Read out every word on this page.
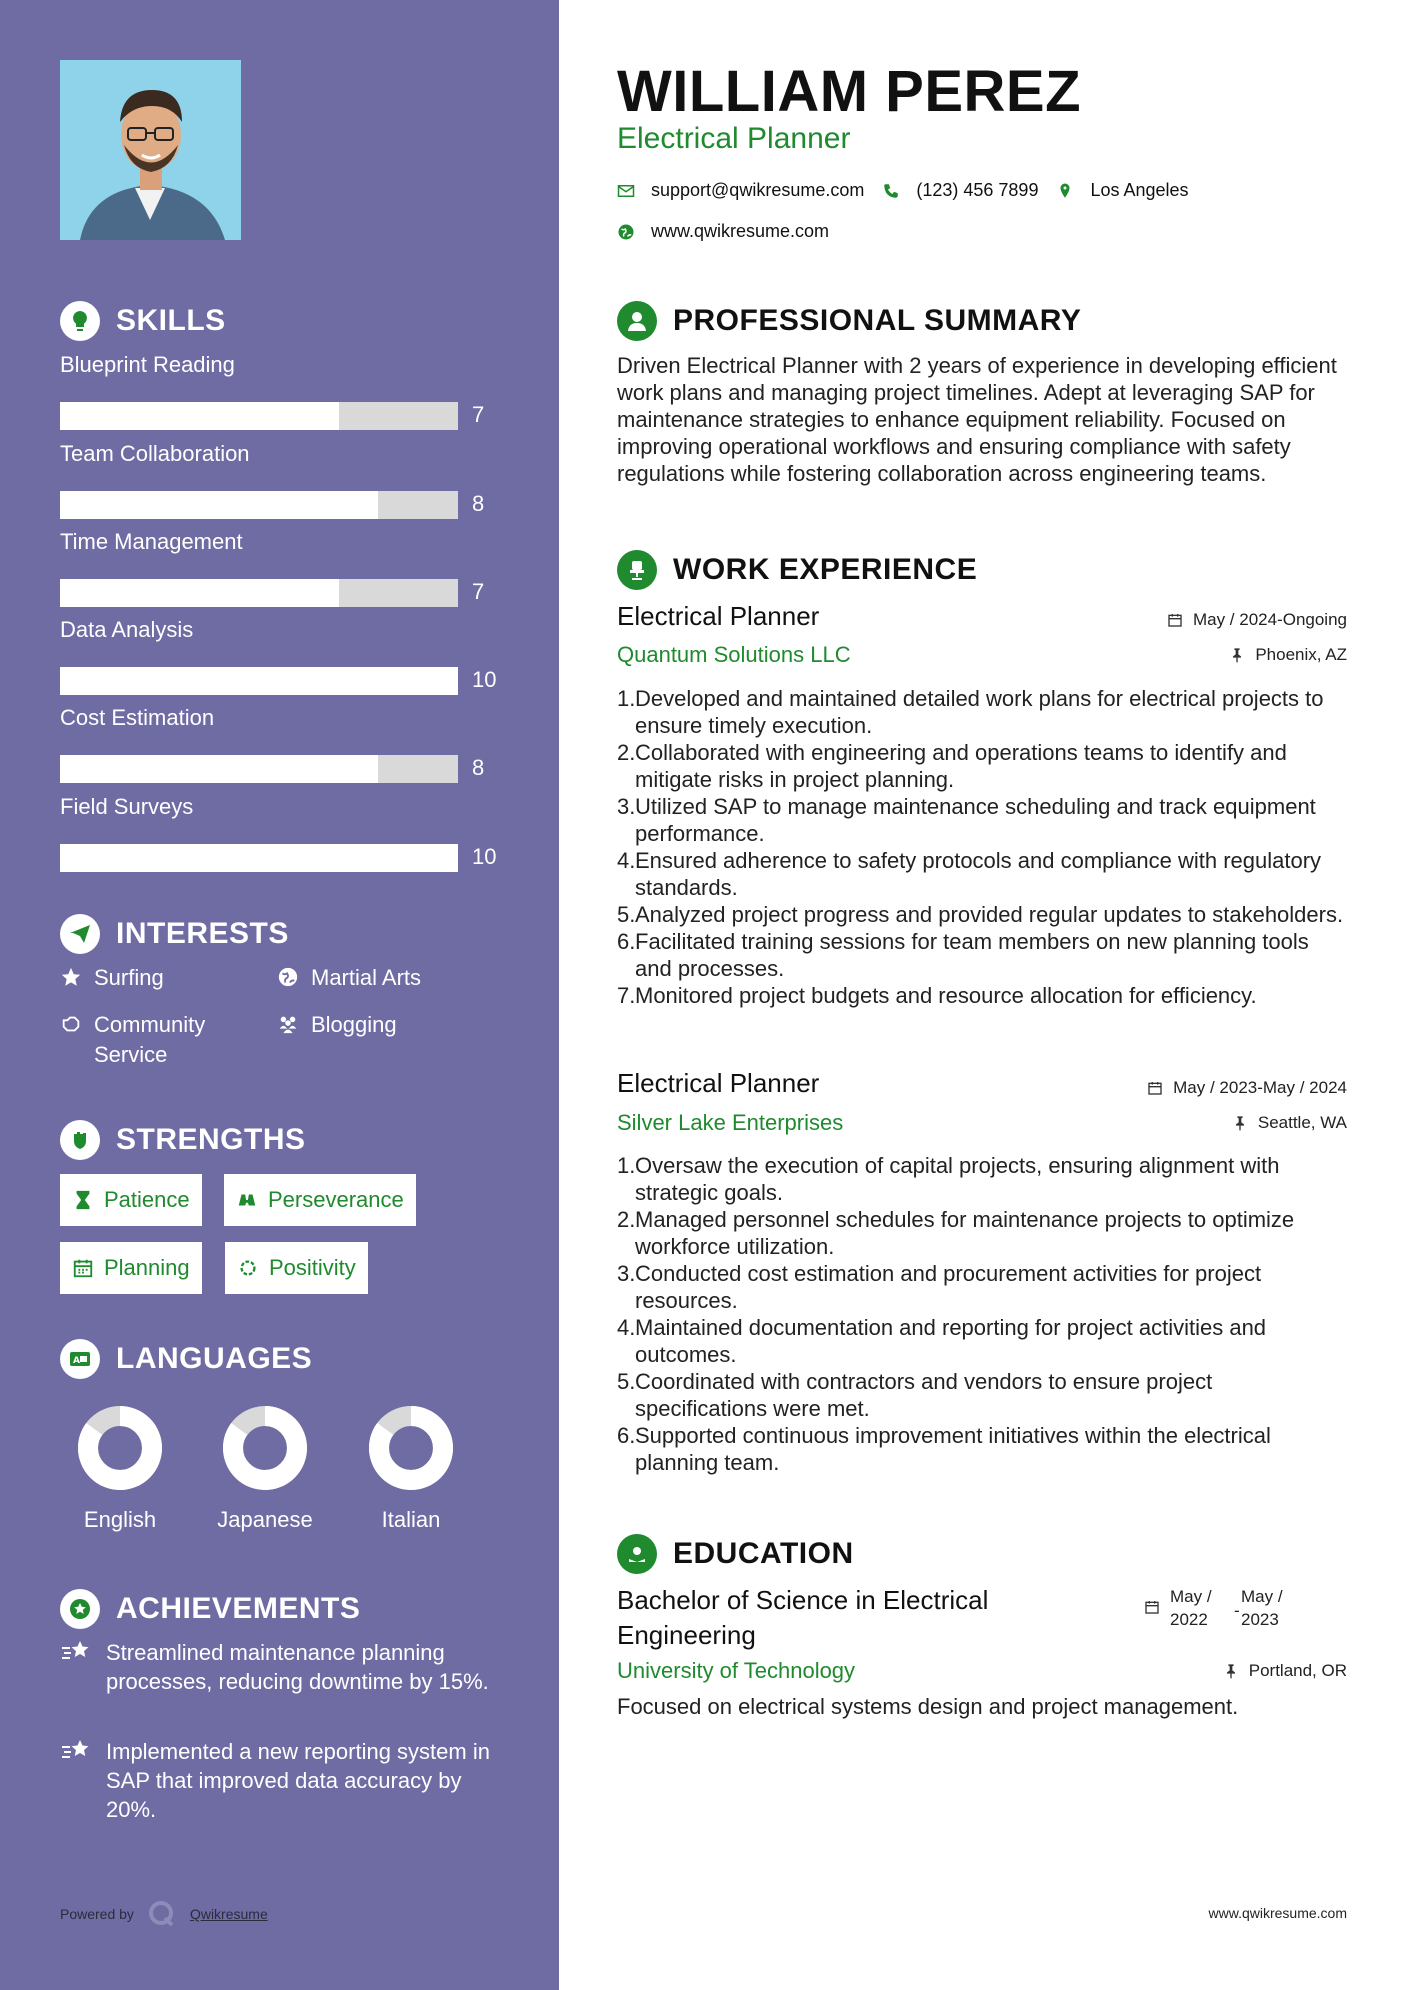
SKILLS
Blueprint Reading
7
Team Collaboration
8
Time Management
7
Data Analysis
10
Cost Estimation
8
Field Surveys
10
INTERESTS
Surfing	Martial Arts
Community
Service
Blogging
STRENGTHS
Patience	Perseverance
Planning	Positivity
A LANGUAGES
English	Japanese	Italian
ACHIEVEMENTS
Streamlined maintenance planning processes, reducing downtime by 15%.
Implemented a new reporting system in SAP that improved data accuracy by 20%.
Powered by	Qwikresume
WILLIAM PEREZ
Electrical Planner
support@qwikresume.com	(123) 456 7899	Los Angeles
www.qwikresume.com
PROFESSIONAL SUMMARY
Driven Electrical Planner with 2 years of experience in developing efficient work plans and managing project timelines. Adept at leveraging SAP for maintenance strategies to enhance equipment reliability. Focused on improving operational workflows and ensuring compliance with safety regulations while fostering collaboration across engineering teams.
WORK EXPERIENCE
Electrical Planner	May / 2024-Ongoing
Quantum Solutions LLC	Phoenix, AZ
1. Developed and maintained detailed work plans for electrical projects to ensure timely execution.
2. Collaborated with engineering and operations teams to identify and mitigate risks in project planning.
3. Utilized SAP to manage maintenance scheduling and track equipment performance.
4. Ensured adherence to safety protocols and compliance with regulatory standards.
5. Analyzed project progress and provided regular updates to stakeholders.
6. Facilitated training sessions for team members on new planning tools and processes.
7. Monitored project budgets and resource allocation for efficiency.
Electrical Planner	May / 2023-May / 2024
Silver Lake Enterprises	Seattle, WA
1. Oversaw the execution of capital projects, ensuring alignment with strategic goals.
2. Managed personnel schedules for maintenance projects to optimize workforce utilization.
3. Conducted cost estimation and procurement activities for project resources.
4. Maintained documentation and reporting for project activities and outcomes.
5. Coordinated with contractors and vendors to ensure project specifications were met.
6. Supported continuous improvement initiatives within the electrical planning team.
EDUCATION
Bachelor of Science in Electrical Engineering
May /
2022	-
May /
2023
University of Technology	Portland, OR
Focused on electrical systems design and project management.
www.qwikresume.com
